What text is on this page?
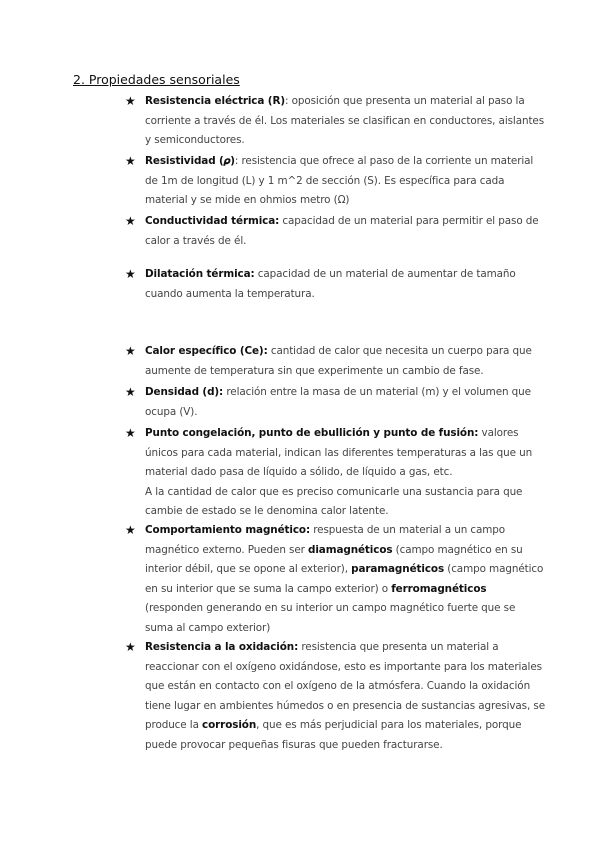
2. Propiedades sensoriales
★ Resistencia eléctrica (R): oposición que presenta un material al paso la corriente a través de él. Los materiales se clasifican en conductores, aislantes y semiconductores.
★ Resistividad (𝝆): resistencia que ofrece al paso de la corriente un material de 1m de longitud (L) y 1 m^2 de sección (S). Es específica para cada material y se mide en ohmios metro (Ω)
★ Conductividad térmica: capacidad de un material para permitir el paso de calor a través de él.
★ Dilatación térmica: capacidad de un material de aumentar de tamaño cuando aumenta la temperatura.
★ Calor específico (Ce): cantidad de calor que necesita un cuerpo para que aumente de temperatura sin que experimente un cambio de fase.
★ Densidad (d): relación entre la masa de un material (m) y el volumen que ocupa (V).
★ Punto congelación, punto de ebullición y punto de fusión: valores únicos para cada material, indican las diferentes temperaturas a las que un material dado pasa de líquido a sólido, de líquido a gas, etc.
A la cantidad de calor que es preciso comunicarle una sustancia para que cambie de estado se le denomina calor latente.
★ Comportamiento magnético: respuesta de un material a un campo magnético externo. Pueden ser diamagnéticos (campo magnético en su interior débil, que se opone al exterior), paramagnéticos (campo magnético en su interior que se suma la campo exterior) o ferromagnéticos (responden generando en su interior un campo magnético fuerte que se suma al campo exterior)
★ Resistencia a la oxidación: resistencia que presenta un material a reaccionar con el oxígeno oxidándose, esto es importante para los materiales que están en contacto con el oxígeno de la atmósfera. Cuando la oxidación tiene lugar en ambientes húmedos o en presencia de sustancias agresivas, se produce la corrosión, que es más perjudicial para los materiales, porque puede provocar pequeñas fisuras que pueden fracturarse.
